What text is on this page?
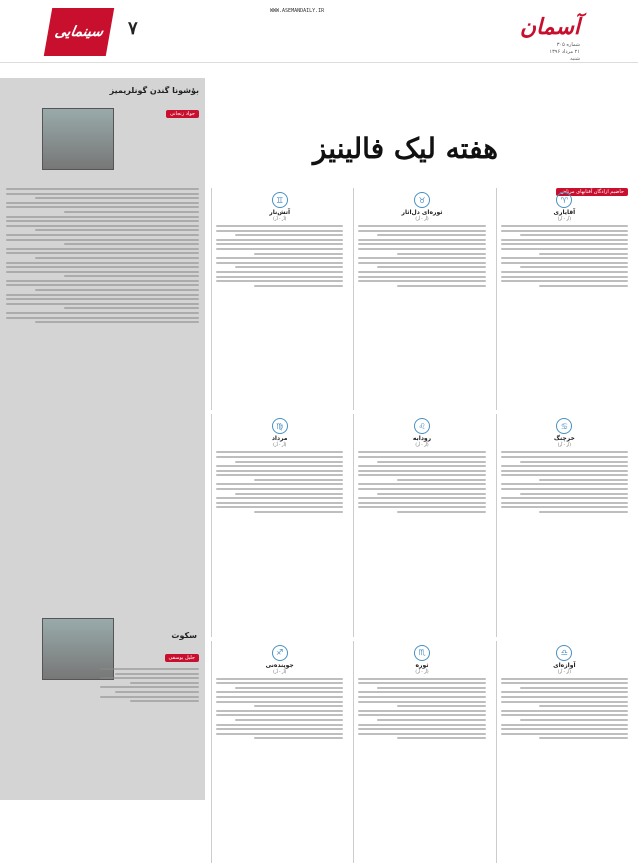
آسمان
شماره ۳۰۵
۲۱ مرداد ۱۳۹۶
شنبه
WWW.ASEMANDAILY.IR
۷
سینمایی
بؤشونا گندن گونلریمیز
جواد زنجانی
سکوت
جلیل یوسفی
هفته لیک فالینیز
حاضیم ازادگان آفتابهای مرتاض
♈
آقایاری
(اُر - اُر)
♉
ثوره‌ای دل‌اثار
(اُر - اُر)
♊
آتش‌نار
(اُر - اُر)
♋
خرچنگ
(اُر - اُر)
♌
رودابه
(اُر - اُر)
♍
مرداد
(اُر - اُر)
♎
آوازه‌ای
(اُر - اُر)
♏
ثوره
(اُر - اُر)
♐
جوینده‌نی
(اُر - اُر)
